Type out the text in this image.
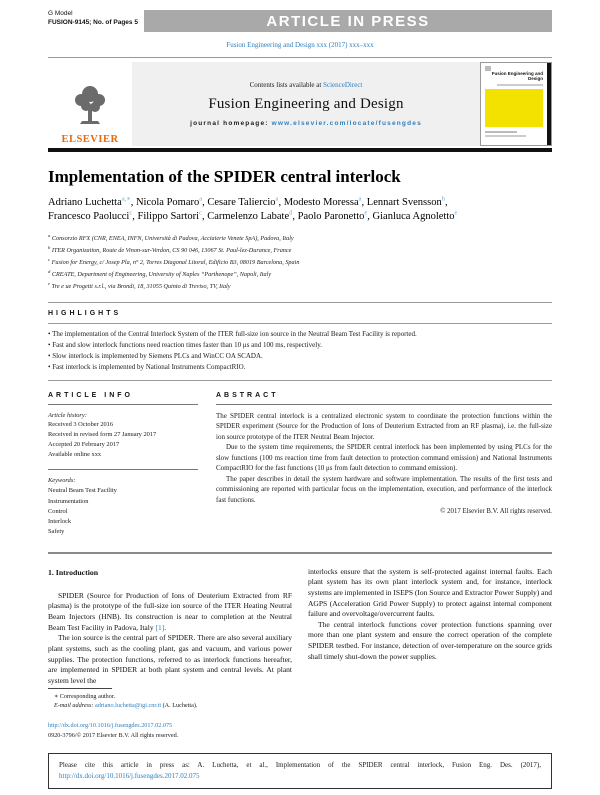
G Model
FUSION-9145; No. of Pages 5	ARTICLE IN PRESS
Fusion Engineering and Design xxx (2017) xxx–xxx
ELSEVIER
Contents lists available at ScienceDirect
Fusion Engineering and Design
journal homepage: www.elsevier.com/locate/fusengdes
Fusion Engineering and Design
Implementation of the SPIDER central interlock
Adriano Luchetta$^{a,∗}$ , Nicola Pomaro$^a$ , Cesare Taliercio$^a$ , Modesto Moressa$^a$ , Lennart Svensson$^b$ , Francesco Paolucci$^c$ , Filippo Sartori$^c$ , Carmelenzo Labate$^d$ , Paolo Paronetto$^e$ , Gianluca Agnoletto$^e$
$^a$ Consorzio RFX (CNR, ENEA, INFN, Università di Padova, Acciaierie Venete SpA), Padova, Italy
$^b$ ITER Organization, Route de Vinon-sur-Verdon, CS 90 046, 13067 St. Paul-lez-Durance, France
$^c$ Fusion for Energy, c/ Josep Pla, n° 2, Torres Diagonal Litoral, Edificio B3, 08019 Barcelona, Spain
$^d$ CREATE, Department of Engineering, University of Naples “Parthenope”, Napoli, Italy
$^e$ Tre e ue Progetti s.r.l., via Brondi, 18, 31055 Quinto di Treviso, TV, Italy
HIGHLIGHTS
• The implementation of the Central Interlock System of the ITER full-size ion source in the Neutral Beam Test Facility is reported.
• Fast and slow interlock functions need reaction times faster than 10 μs and 100 ms, respectively.
• Slow interlock is implemented by Siemens PLCs and WinCC OA SCADA.
• Fast interlock is implemented by National Instruments CompactRIO.
ARTICLE INFO
Article history:
Received 3 October 2016
Received in revised form 27 January 2017
Accepted 20 February 2017
Available online xxx
Keywords:
Neutral Beam Test Facility
Instrumentation
Control
Interlock
Safety
ABSTRACT

The SPIDER central interlock is a centralized electronic system to coordinate the protection functions within the SPIDER experiment (Source for the Production of Ions of Deuterium Extracted from an RF plasma), i.e. the full-size ion source prototype of the ITER Neutral Beam Injector.

Due to the system time requirements, the SPIDER central interlock has been implemented by using PLCs for the slow functions (100 ms reaction time from fault detection to protection command emission) and National Instruments CompactRIO for the fast functions (10 μs from fault detection to command emission).

The paper describes in detail the system hardware and software implementation. The results of the first tests and commissioning are reported with particular focus on the implementation, execution, and performance of the interlock fast functions.

© 2017 Elsevier B.V. All rights reserved.
1. Introduction

SPIDER (Source for Production of Ions of Deuterium Extracted from RF plasma) is the prototype of the full-size ion source of the ITER Heating Neutral Beam Injectors (HNB). Its construction is near to completion at the Neutral Beam Test Facility in Padova, Italy [1].

The ion source is the central part of SPIDER. There are also several auxiliary plant systems, such as the cooling plant, gas and vacuum, and various power supplies. The protection functions, referred to as interlock functions hereafter, are implemented in SPIDER at both plant system and central levels. At plant system level the

interlocks ensure that the system is self-protected against internal faults. Each plant system has its own plant interlock system and, for instance, interlock systems are implemented in ISEPS (Ion Source and Extractor Power Supply) and AGPS (Acceleration Grid Power Supply) to protect against internal component failure and overvoltage/overcurrent faults.

The central interlock functions cover protection functions spanning over more than one plant system and ensure the correct operation of the complete SPIDER testbed. For instance, detection of over-temperature on the source grids shall timely shut-down the power supplies.

∗ Corresponding author.
E-mail address: adriano.luchetta@igi.cnr.it (A. Luchetta).
http://dx.doi.org/10.1016/j.fusengdes.2017.02.075
0920-3796/© 2017 Elsevier B.V. All rights reserved.
Please cite this article in press as: A. Luchetta, et al., Implementation of the SPIDER central interlock, Fusion Eng. Des. (2017), http://dx.doi.org/10.1016/j.fusengdes.2017.02.075
